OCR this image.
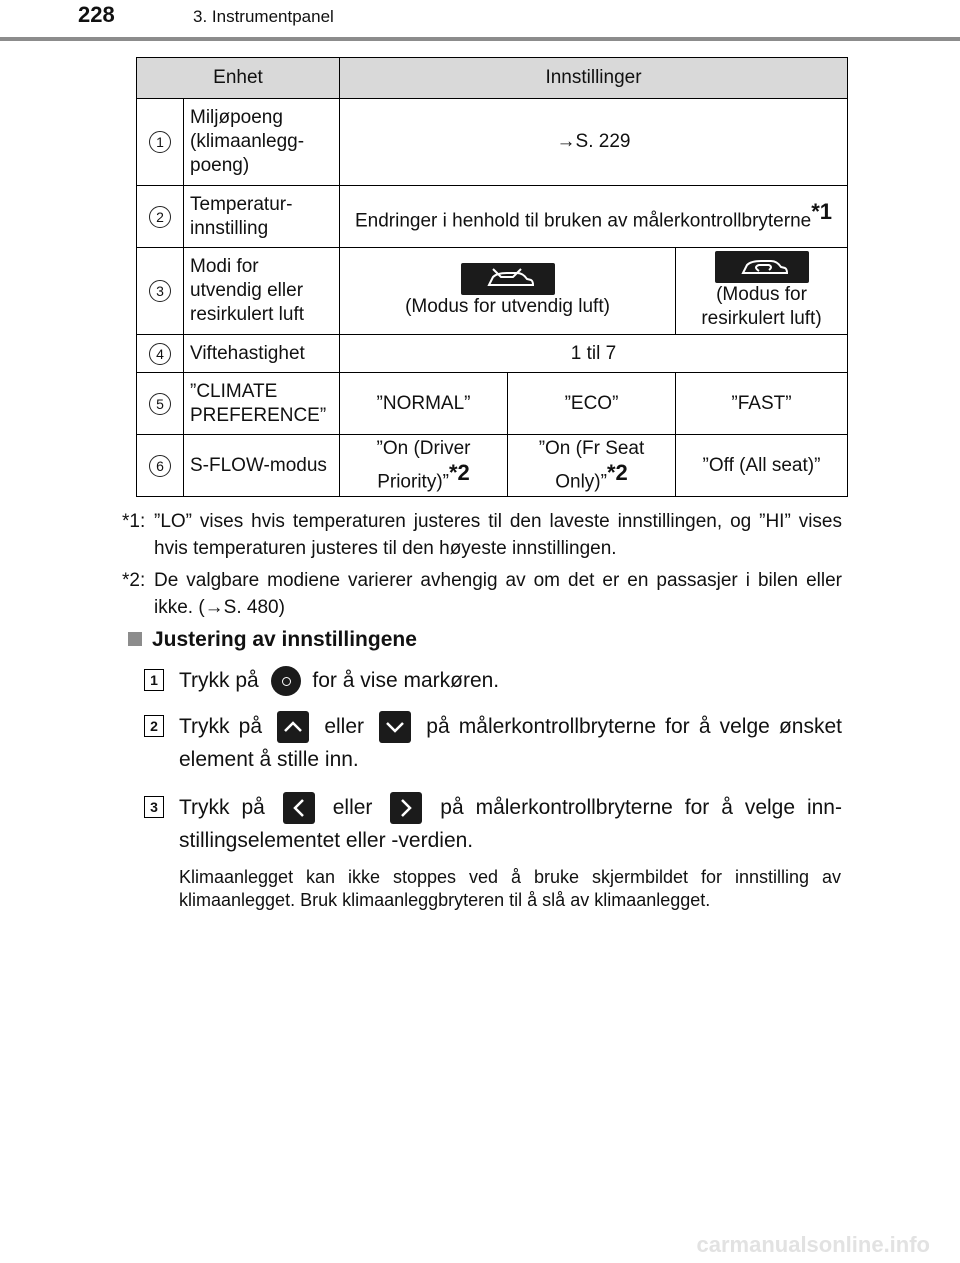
228	3. Instrumentpanel
Enhet		Innstillinger		
1	Miljøpoeng (klimaanlegg-poeng)	→S. 229		
2	Temperatur-innstilling	Endringer i henhold til bruken av målerkontrollbryterne$^{*1}$
3	Modi for utvendig eller resirkulert luft	(Modus for utvendig luft)		(Modus for resirkulert luft)
4	Viftehastighet	1 til 7		
5	”CLIMATE PREFERENCE”	”NORMAL”	”ECO”	”FAST”
6	S-FLOW-modus	”On (Driver Priority)”$^{*2}$	”On (Fr Seat Only)”$^{*2}$	”Off (All seat)”
*1: ”LO” vises hvis temperaturen justeres til den laveste innstillingen, og ”HI” vises hvis temperaturen justeres til den høyeste innstillingen.
*2: De valgbare modiene varierer avhengig av om det er en passasjer i bilen eller ikke. (→S. 480)
Justering av innstillingene
1 Trykk på	for å vise markøren.
2 Trykk på	eller	på målerkontrollbryterne for å velge ønsket element å stille inn.
3 Trykk på	eller	på målerkontrollbryterne for å velge inn-stillingselementet eller -verdien.
Klimaanlegget kan ikke stoppes ved å bruke skjermbildet for innstilling av klimaanlegget. Bruk klimaanleggbryteren til å slå av klimaanlegget.
carmanualsonline.info
